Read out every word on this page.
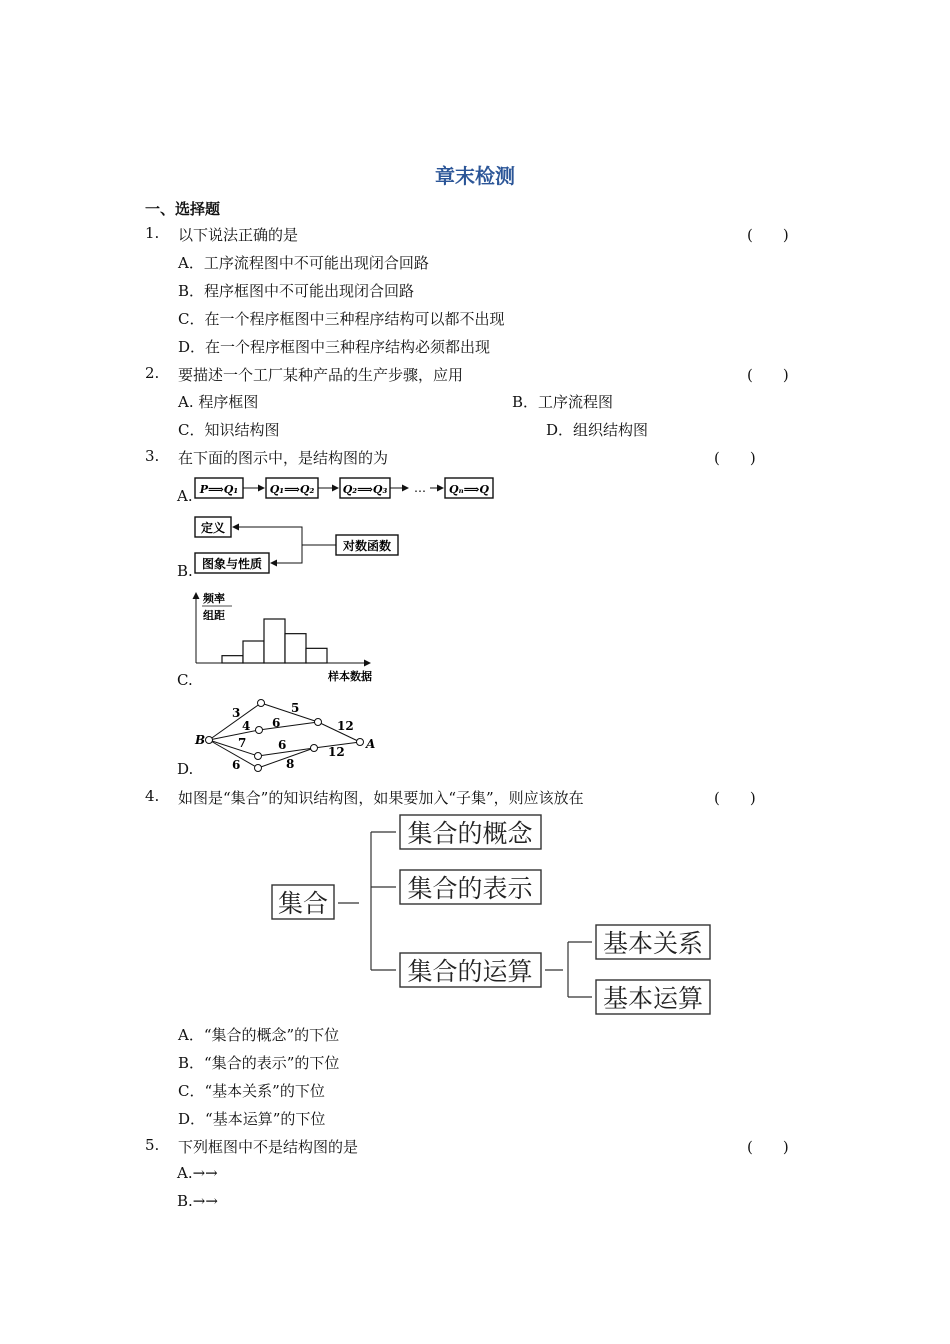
章末检测
一、选择题
1. 以下说法正确的是	(　　)
A．工序流程图中不可能出现闭合回路
B．程序框图中不可能出现闭合回路
C．在一个程序框图中三种程序结构可以都不出现
D．在一个程序框图中三种程序结构必须都出现
2. 要描述一个工厂某种产品的生产步骤，应用	(　　)
A. 程序框图	B．工序流程图
C．知识结构图	D．组织结构图
3. 在下面的图示中，是结构图的为	(　　)
A. P⟹Q₁	Q₁⟹Q₂	Q₂⟹Q₃ … Qₙ⟹Q
B.
定义
图象与性质
对数函数
C.
频率
组距
样本数据
D.
B	A
3	5
4 6	12
7	6	12
6	8
4. 如图是“集合”的知识结构图，如果要加入“子集”，则应该放在	(　　)
集合
集合的概念
集合的表示
集合的运算
基本关系
基本运算
A．“集合的概念”的下位
B．“集合的表示”的下位
C．“基本关系”的下位
D．“基本运算”的下位
5. 下列框图中不是结构图的是	(　　)
A.→→
B.→→
